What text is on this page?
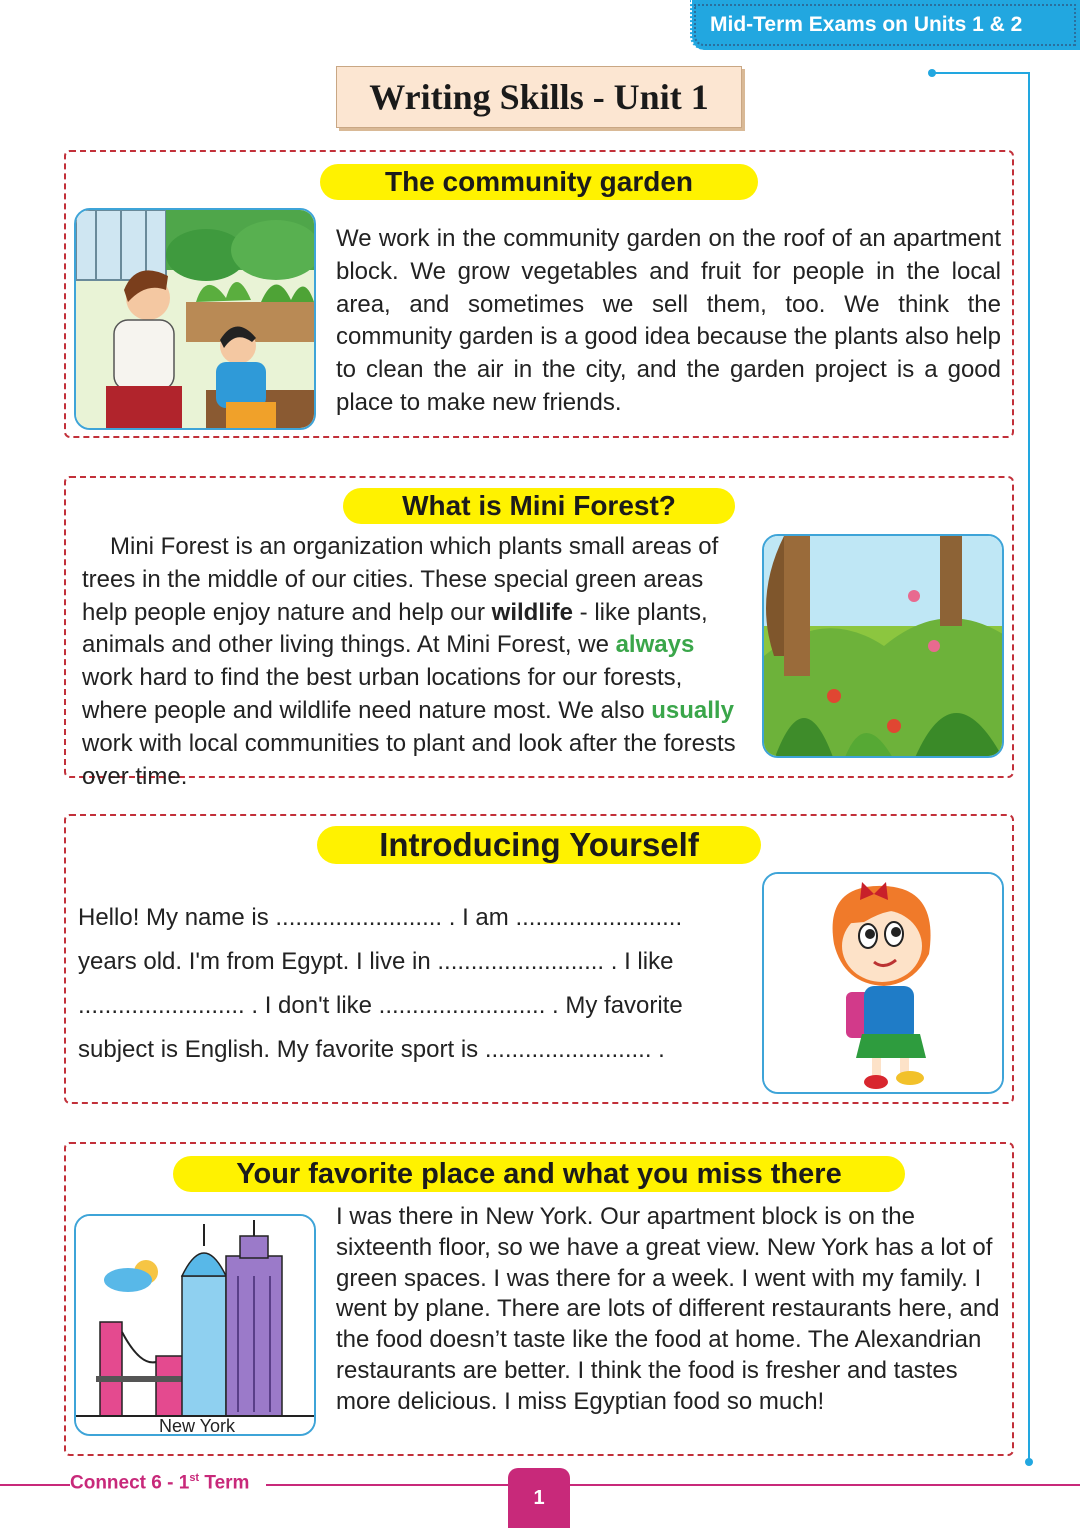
Mid-Term Exams on Units 1 & 2
Writing Skills - Unit 1
The community garden
We work in the community garden on the roof of an apartment block. We grow vegetables and fruit for people in the local area, and sometimes we sell them, too. We think the community garden is a good idea because the plants also help to clean the air in the city, and the garden project is a good place to make new friends.
What is Mini Forest?
Mini Forest is an organization which plants small areas of trees in the middle of our cities. These special green areas help people enjoy nature and help our wildlife - like plants, animals and other living things. At Mini Forest, we always work hard to find the best urban locations for our forests, where people and wildlife need nature most. We also usually work with local communities to plant and look after the forests over time.
Introducing Yourself
Hello! My name is ......................... . I am .........................
years old. I'm from Egypt. I live in ......................... . I like
......................... . I don't like ......................... . My favorite
subject is English. My favorite sport is ......................... .
Your favorite place and what you miss there
New York
I was there in New York. Our apartment block is on the sixteenth floor, so we have a great view. New York has a lot of green spaces. I was there for a week. I went with my family. I went by plane. There are lots of different restaurants here, and the food doesn’t taste like the food at home. The Alexandrian restaurants are better. I think the food is fresher and tastes more delicious. I miss Egyptian food so much!
Connect 6 - 1st Term
1
